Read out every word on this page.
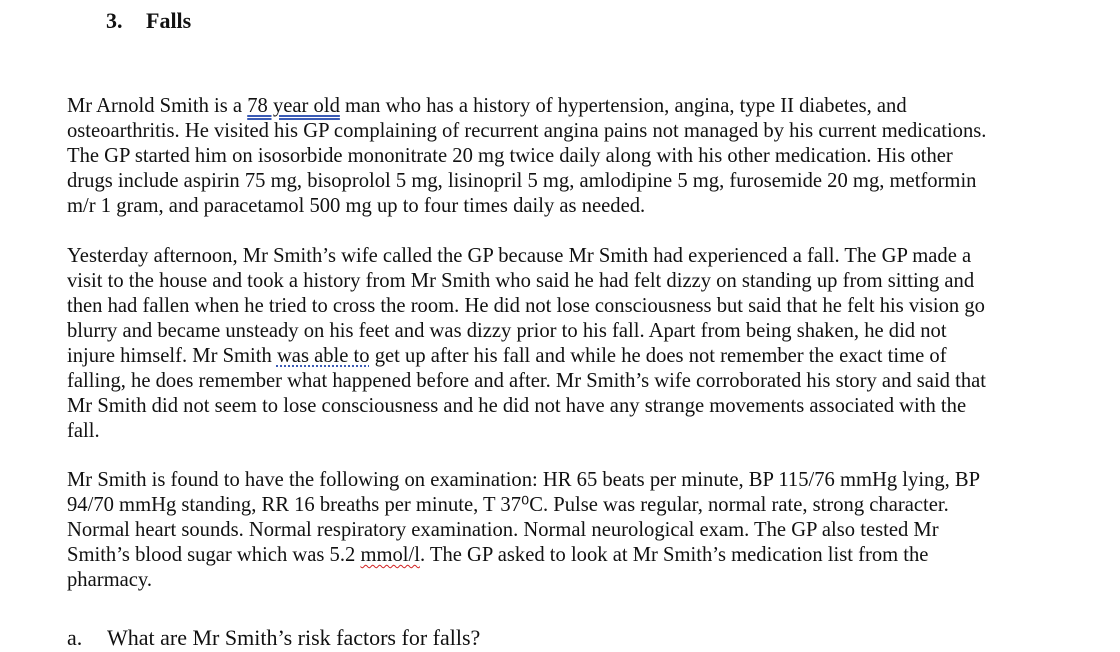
3. Falls
Mr Arnold Smith is a 78 year old man who has a history of hypertension, angina, type II diabetes, and
osteoarthritis. He visited his GP complaining of recurrent angina pains not managed by his current medications.
The GP started him on isosorbide mononitrate 20 mg twice daily along with his other medication. His other
drugs include aspirin 75 mg, bisoprolol 5 mg, lisinopril 5 mg, amlodipine 5 mg, furosemide 20 mg, metformin
m/r 1 gram, and paracetamol 500 mg up to four times daily as needed.
Yesterday afternoon, Mr Smith’s wife called the GP because Mr Smith had experienced a fall. The GP made a
visit to the house and took a history from Mr Smith who said he had felt dizzy on standing up from sitting and
then had fallen when he tried to cross the room. He did not lose consciousness but said that he felt his vision go
blurry and became unsteady on his feet and was dizzy prior to his fall. Apart from being shaken, he did not
injure himself. Mr Smith was able to get up after his fall and while he does not remember the exact time of
falling, he does remember what happened before and after. Mr Smith’s wife corroborated his story and said that
Mr Smith did not seem to lose consciousness and he did not have any strange movements associated with the
fall.
Mr Smith is found to have the following on examination: HR 65 beats per minute, BP 115/76 mmHg lying, BP
94/70 mmHg standing, RR 16 breaths per minute, T 37⁰C. Pulse was regular, normal rate, strong character.
Normal heart sounds. Normal respiratory examination. Normal neurological exam. The GP also tested Mr
Smith’s blood sugar which was 5.2 mmol/l. The GP asked to look at Mr Smith’s medication list from the
pharmacy.
a. What are Mr Smith’s risk factors for falls?
